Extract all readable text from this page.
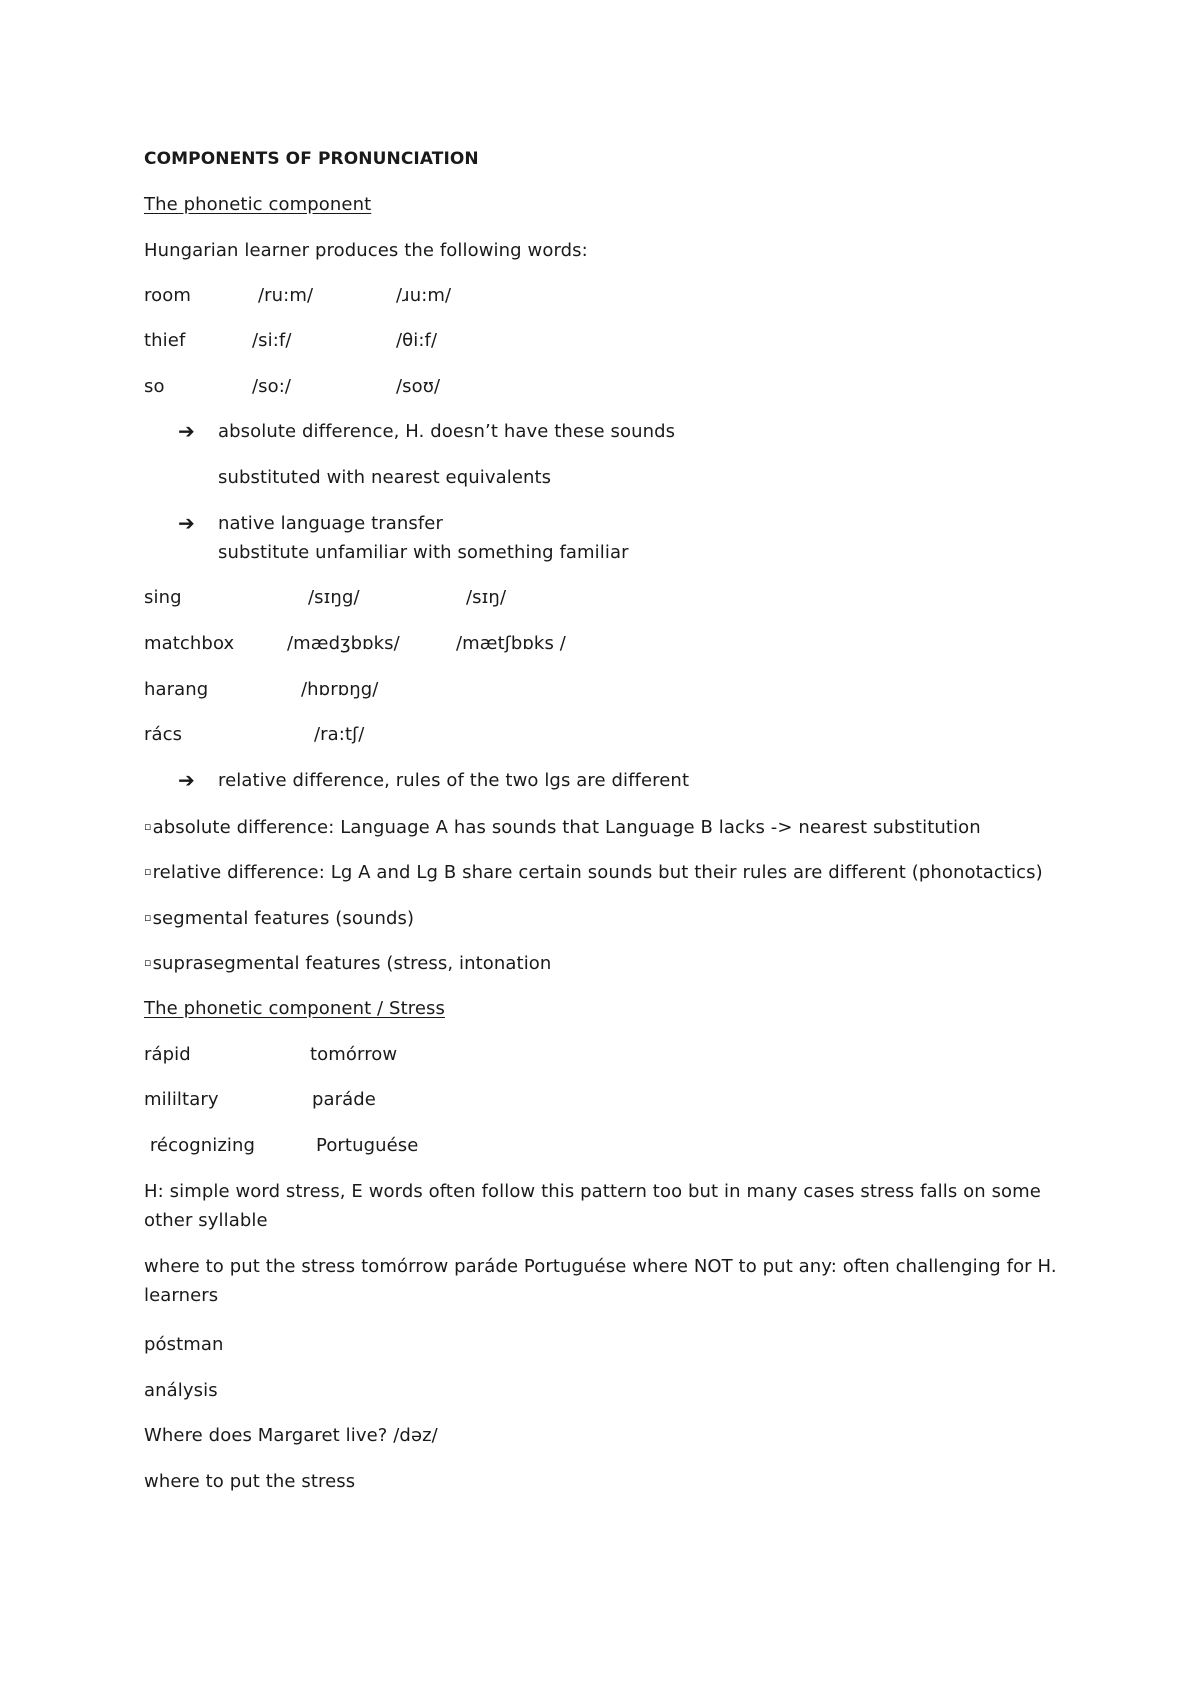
COMPONENTS OF PRONUNCIATION
The phonetic component
Hungarian learner produces the following words:
room	/ru:m/	/ɹu:m/
thief	/si:f/	/θi:f/
so	/so:/	/soʊ/
➔ absolute difference, H. doesn’t have these sounds
substituted with nearest equivalents
➔ native language transfer
substitute unfamiliar with something familiar
sing	/sɪŋg/	/sɪŋ/
matchbox	/mædʒbɒks/	/mætʃbɒks /
harang	/hɒrɒŋg/
rács	/ra:tʃ/
➔ relative difference, rules of the two lgs are different
▫absolute difference: Language A has sounds that Language B lacks -> nearest substitution
▫relative difference: Lg A and Lg B share certain sounds but their rules are different (phonotactics)
▫segmental features (sounds)
▫suprasegmental features (stress, intonation
The phonetic component / Stress
rápid	tomórrow
mililtary	paráde
récognizing	Portuguése
H: simple word stress, E words often follow this pattern too but in many cases stress falls on some other syllable
where to put the stress tomórrow paráde Portuguése where NOT to put any: often challenging for H. learners
póstman
análysis
Where does Margaret live? /dəz/
where to put the stress
